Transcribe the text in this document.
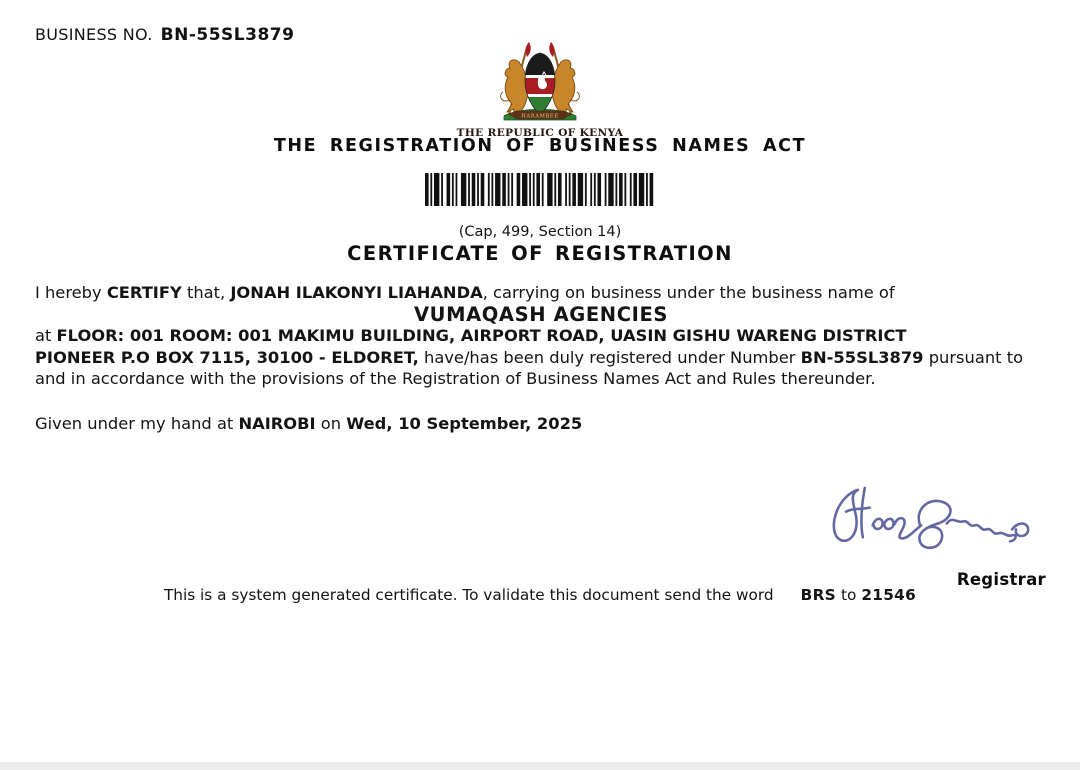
BUSINESS NO. BN-55SL3879
HARAMBEE
THE REPUBLIC OF KENYA
THE REGISTRATION OF BUSINESS NAMES ACT
(Cap, 499, Section 14)
CERTIFICATE OF REGISTRATION

I hereby CERTIFY that, JONAH ILAKONYI LIAHANDA, carrying on business under the business name of

VUMAQASH AGENCIES

at FLOOR: 001 ROOM: 001 MAKIMU BUILDING, AIRPORT ROAD, UASIN GISHU WARENG DISTRICT
PIONEER P.O BOX 7115, 30100 - ELDORET, have/has been duly registered under Number BN-55SL3879 pursuant to and in accordance with the provisions of the Registration of Business Names Act and Rules thereunder.

Given under my hand at NAIROBI on Wed, 10 September, 2025
Registrar
This is a system generated certificate. To validate this document send the word BRS to 21546
